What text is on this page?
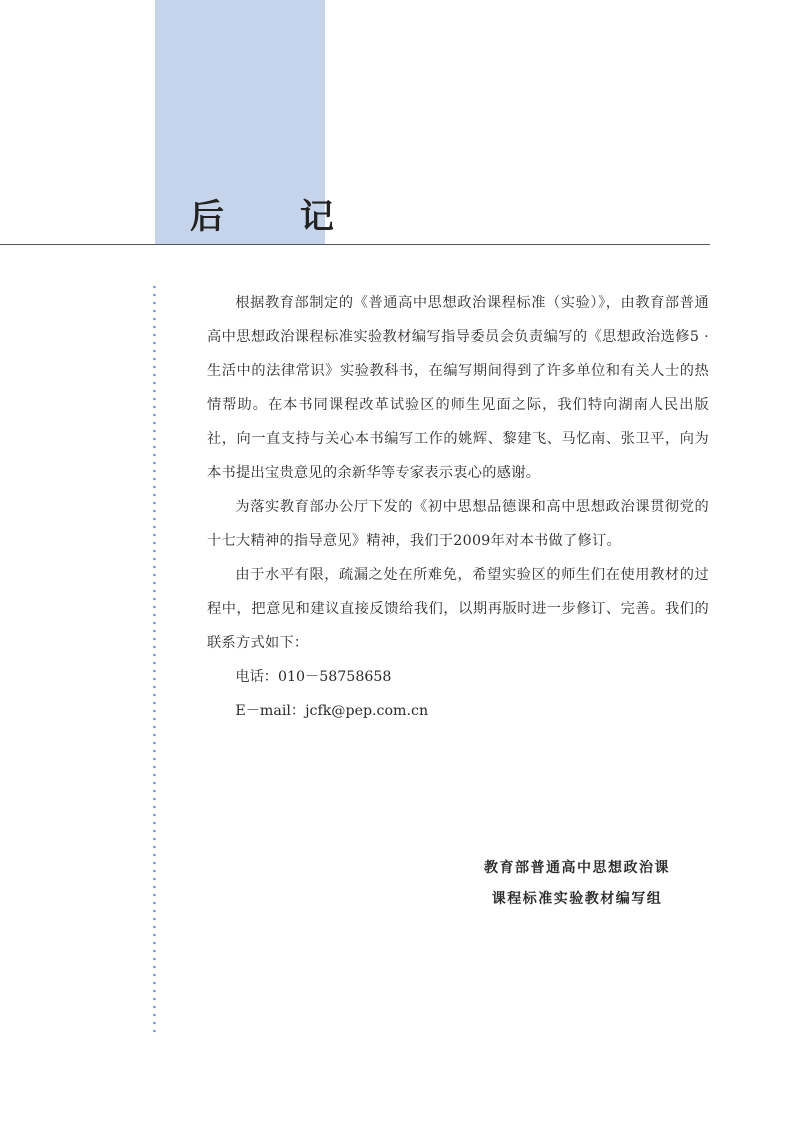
后 记

根据教育部制定的《普通高中思想政治课程标准（实验）》，由教育部普通高中思想政治课程标准实验教材编写指导委员会负责编写的《思想政治选修5 · 生活中的法律常识》实验教科书，在编写期间得到了许多单位和有关人士的热情帮助。在本书同课程改革试验区的师生见面之际，我们特向湖南人民出版社，向一直支持与关心本书编写工作的姚辉、黎建飞、马忆南、张卫平，向为本书提出宝贵意见的余新华等专家表示衷心的感谢。

为落实教育部办公厅下发的《初中思想品德课和高中思想政治课贯彻党的十七大精神的指导意见》精神，我们于2009年对本书做了修订。

由于水平有限，疏漏之处在所难免，希望实验区的师生们在使用教材的过程中，把意见和建议直接反馈给我们，以期再版时进一步修订、完善。我们的联系方式如下：

电话：010－58758658

E－mail：jcfk@pep.com.cn

教育部普通高中思想政治课
课程标准实验教材编写组
